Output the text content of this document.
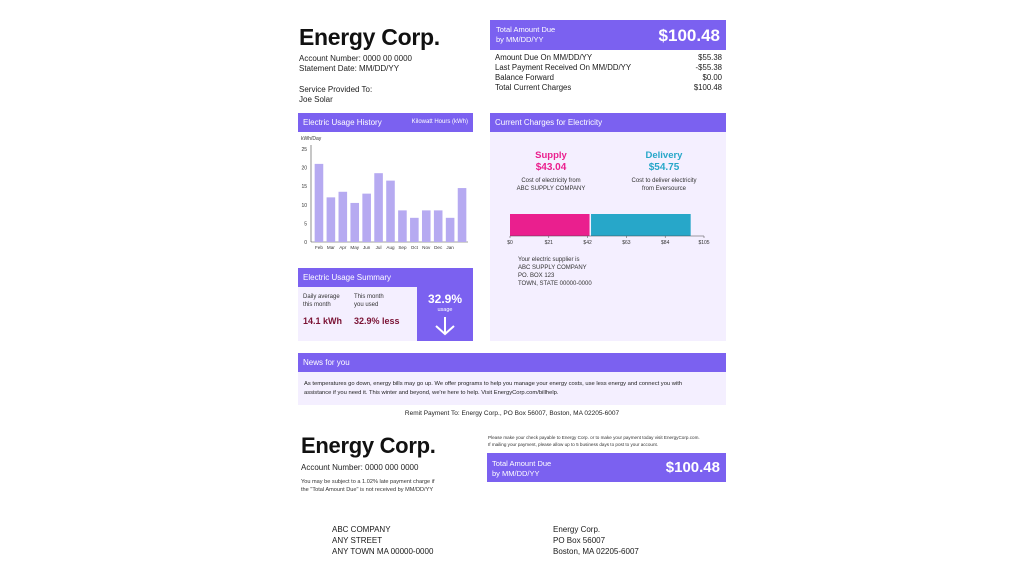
Energy Corp.
Account Number: 0000 00 0000
Statement Date: MM/DD/YY
Service Provided To:
Joe Solar
Total Amount Due
by MM/DD/YY	$100.48
Amount Due On MM/DD/YY	$55.38
Last Payment Received On MM/DD/YY	-$55.38
Balance Forward	$0.00
Total Current Charges	$100.48
Electric Usage History	Kilowatt Hours (kWh)
kWh/Day
0
5
10
15
20
25
Feb Mar Apr May Jun Jul Aug Sep Oct Nov Dec Jan
Electric Usage Summary
Daily average
this month
14.1 kWh
This month
you used
32.9% less
32.9%
usage
Current Charges for Electricity
Supply
$43.04
Cost of electricity from
ABC SUPPLY COMPANY
Delivery
$54.75
Cost to deliver electricity
from Eversource
$0	$21	$42	$63	$84	$105
Your electric supplier is
ABC SUPPLY COMPANY
PO. BOX 123
TOWN, STATE 00000-0000
News for you
As temperatures go down, energy bills may go up. We offer programs to help you manage your energy costs, use less energy and connect you with
assistance if you need it. This winter and beyond, we're here to help. Visit EnergyCorp.com/billhelp.
Remit Payment To: Energy Corp., PO Box 56007, Boston, MA 02205-6007
Energy Corp.
Account Number: 0000 000 0000
You may be subject to a 1.02% late payment charge if
the "Total Amount Due" is not received by MM/DD/YY
Please make your check payable to Energy Corp. or to make your payment today visit EnergyCorp.com.
If mailing your payment, please allow up to 5 business days to post to your account.
Total Amount Due
by MM/DD/YY	$100.48
ABC COMPANY
ANY STREET
ANY TOWN MA 00000-0000
Energy Corp.
PO Box 56007
Boston, MA 02205-6007
